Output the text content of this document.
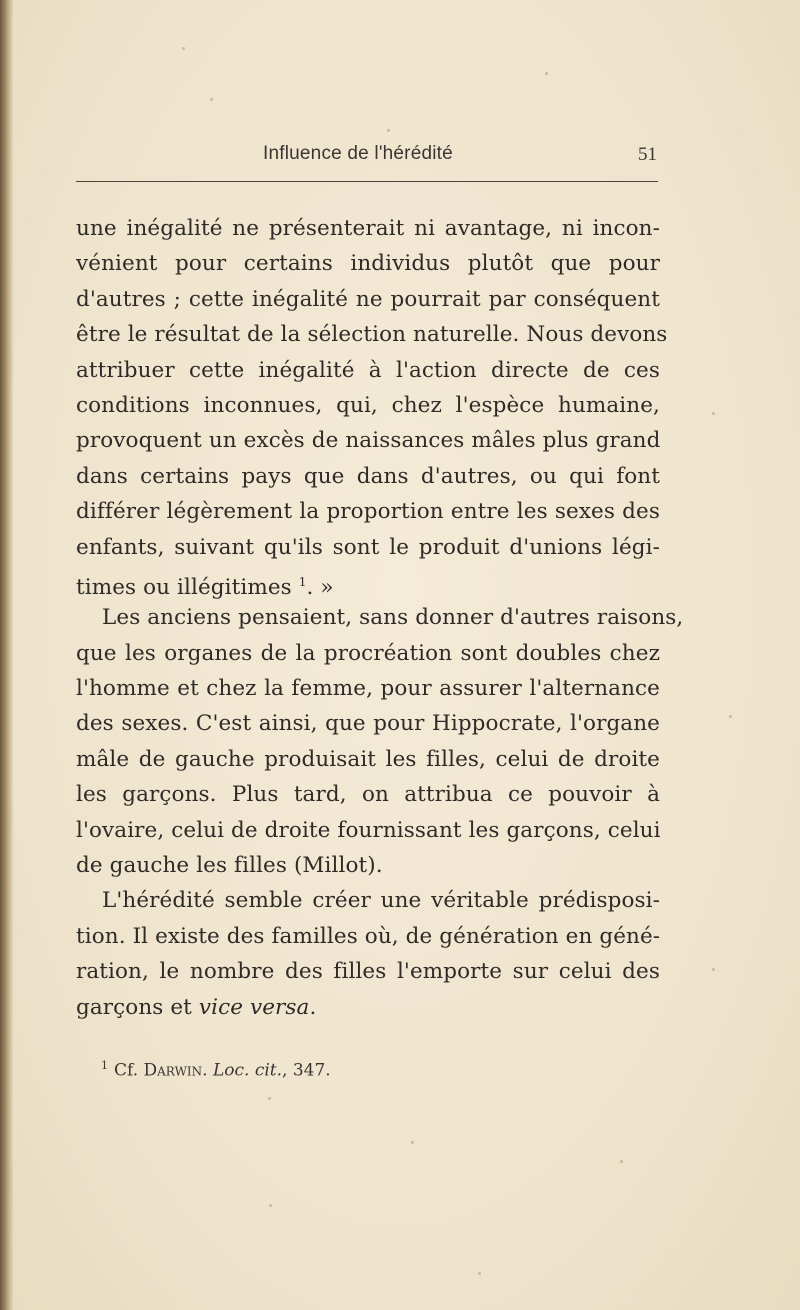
Influence de l'hérédité	51
une inégalité ne présenterait ni avantage, ni incon-
vénient pour certains individus plutôt que pour
d'autres ; cette inégalité ne pourrait par conséquent
être le résultat de la sélection naturelle. Nous devons
attribuer cette inégalité à l'action directe de ces
conditions inconnues, qui, chez l'espèce humaine,
provoquent un excès de naissances mâles plus grand
dans certains pays que dans d'autres, ou qui font
différer légèrement la proportion entre les sexes des
enfants, suivant qu'ils sont le produit d'unions légi-
times ou illégitimes $^1$. »
Les anciens pensaient, sans donner d'autres raisons,
que les organes de la procréation sont doubles chez
l'homme et chez la femme, pour assurer l'alternance
des sexes. C'est ainsi, que pour Hippocrate, l'organe
mâle de gauche produisait les filles, celui de droite
les garçons. Plus tard, on attribua ce pouvoir à
l'ovaire, celui de droite fournissant les garçons, celui
de gauche les filles (Millot).
L'hérédité semble créer une véritable prédisposi-
tion. Il existe des familles où, de génération en géné-
ration, le nombre des filles l'emporte sur celui des
garçons et vice versa.
$^1$ Cf. Darwin. Loc. cit., 347.
